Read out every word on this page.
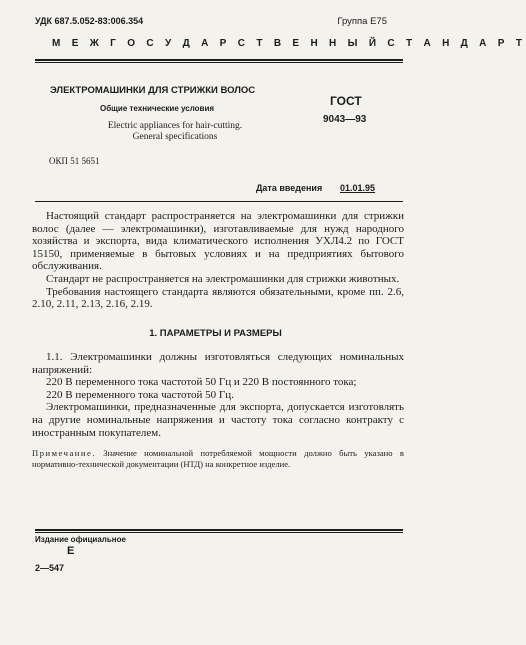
УДК 687.5.052-83:006.354	Группа Е75
М Е Ж Г О С У Д А Р С Т В Е Н Н Ы Й С Т А Н Д А Р Т
ЭЛЕКТРОМАШИНКИ ДЛЯ СТРИЖКИ ВОЛОС
Общие технические условия
Electric appliances for hair-cutting.
General specifications
ГОСТ
9043—93
ОКП 51 5651
Дата введения 01.01.95

Настоящий стандарт распространяется на электромашинки для стрижки волос (далее — электромашинки), изготавливаемые для нужд народного хозяйства и экспорта, вида климатического исполнения УХЛ4.2 по ГОСТ 15150, применяемые в бытовых условиях и на предприятиях бытового обслуживания.

Стандарт не распространяется на электромашинки для стрижки животных.

Требования настоящего стандарта являются обязательными, кроме пп. 2.6, 2.10, 2.11, 2.13, 2.16, 2.19.

1. ПАРАМЕТРЫ И РАЗМЕРЫ

1.1. Электромашинки должны изготовляться следующих номинальных напряжений:

220 В переменного тока частотой 50 Гц и 220 В постоянного тока;

220 В переменного тока частотой 50 Гц.

Электромашинки, предназначенные для экспорта, допускается изготовлять на другие номинальные напряжения и частоту тока согласно контракту с иностранным покупателем.

Примечание. Значение номинальной потребляемой мощности должно быть указано в нормативно-технической документации (НТД) на конкретное изделие.
Издание официальное
Е
2—547
